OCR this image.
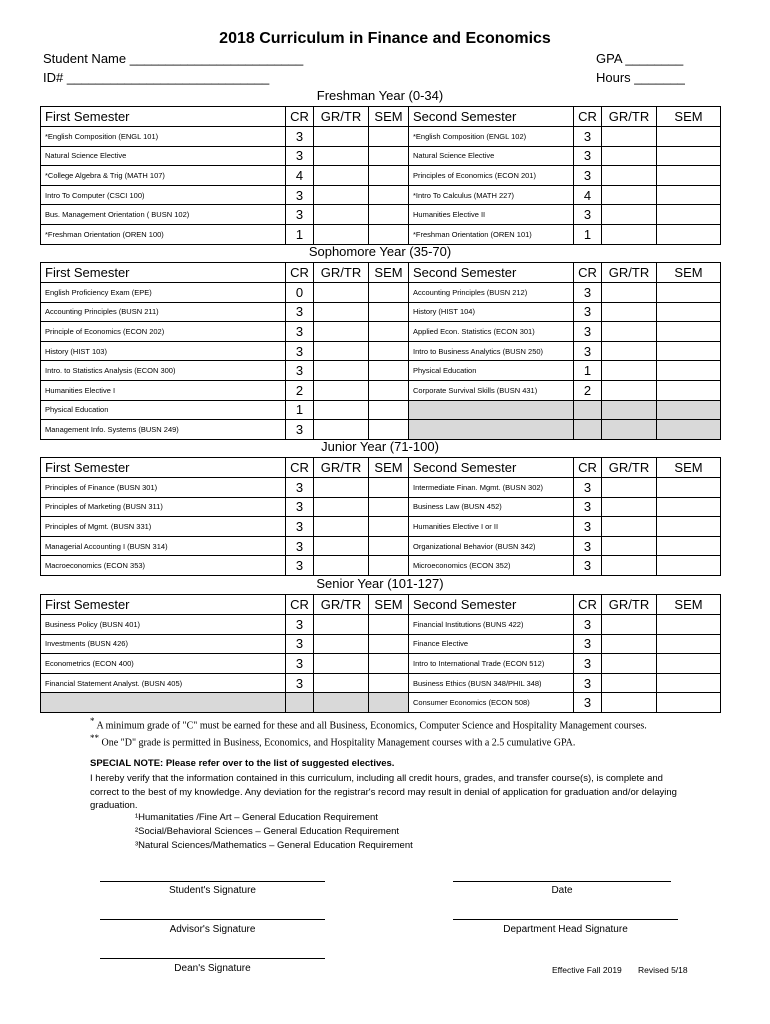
2018 Curriculum in Finance and Economics
Student Name ________________________
ID# ____________________________
GPA ________
Hours _______
Freshman Year (0-34)
First Semester	CR	GR/TR	SEM	Second Semester	CR	GR/TR	SEM
*English Composition (ENGL 101)	3			*English Composition (ENGL 102)	3		
Natural Science Elective	3			Natural Science Elective	3		
*College Algebra & Trig (MATH 107)	4			Principles of Economics (ECON 201)	3		
Intro To Computer (CSCI 100)	3			*Intro To Calculus (MATH 227)	4		
Bus. Management Orientation ( BUSN 102)	3			Humanities Elective II	3		
*Freshman Orientation (OREN 100)	1			*Freshman Orientation (OREN 101)	1		
Sophomore Year (35-70)
First Semester	CR	GR/TR	SEM	Second Semester	CR	GR/TR	SEM
English Proficiency Exam (EPE)	0			Accounting Principles (BUSN 212)	3		
Accounting Principles (BUSN 211)	3			History (HIST 104)	3		
Principle of Economics (ECON 202)	3			Applied Econ. Statistics (ECON 301)	3		
History (HIST 103)	3			Intro to Business Analytics (BUSN 250)	3		
Intro. to Statistics Analysis (ECON 300)	3			Physical Education	1		
Humanities Elective I	2			Corporate Survival Skills (BUSN 431)	2		
Physical Education	1						
Management Info. Systems (BUSN 249)	3						
Junior Year (71-100)
First Semester	CR	GR/TR	SEM	Second Semester	CR	GR/TR	SEM
Principles of Finance (BUSN 301)	3			Intermediate Finan. Mgmt. (BUSN 302)	3		
Principles of Marketing (BUSN 311)	3			Business Law (BUSN 452)	3		
Principles of Mgmt. (BUSN 331)	3			Humanities Elective I or II	3		
Managerial Accounting I (BUSN 314)	3			Organizational Behavior (BUSN 342)	3		
Macroeconomics (ECON 353)	3			Microeconomics (ECON 352)	3		
Senior Year (101-127)
First Semester	CR	GR/TR	SEM	Second Semester	CR	GR/TR	SEM
Business Policy (BUSN 401)	3			Financial Institutions (BUNS 422)	3		
Investments (BUSN 426)	3			Finance Elective	3		
Econometrics (ECON 400)	3			Intro to International Trade (ECON 512)	3		
Financial Statement Analyst. (BUSN 405)	3			Business Ethics (BUSN 348/PHIL 348)	3		
				Consumer Economics (ECON 508)	3		
* A minimum grade of "C" must be earned for these and all Business, Economics, Computer Science and Hospitality Management courses.
** One "D" grade is permitted in Business, Economics, and Hospitality Management courses with a 2.5 cumulative GPA.
SPECIAL NOTE: Please refer over to the list of suggested electives.
I hereby verify that the information contained in this curriculum, including all credit hours, grades, and transfer course(s), is complete and correct to the best of my knowledge. Any deviation for the registrar's record may result in denial of application for graduation and/or delaying graduation.
¹Humanitaties /Fine Art – General Education Requirement
²Social/Behavioral Sciences – General Education Requirement
³Natural Sciences/Mathematics – General Education Requirement
Student's Signature	Date
Advisor's Signature	Department Head Signature
Dean's Signature	Effective Fall 2019 Revised 5/18
